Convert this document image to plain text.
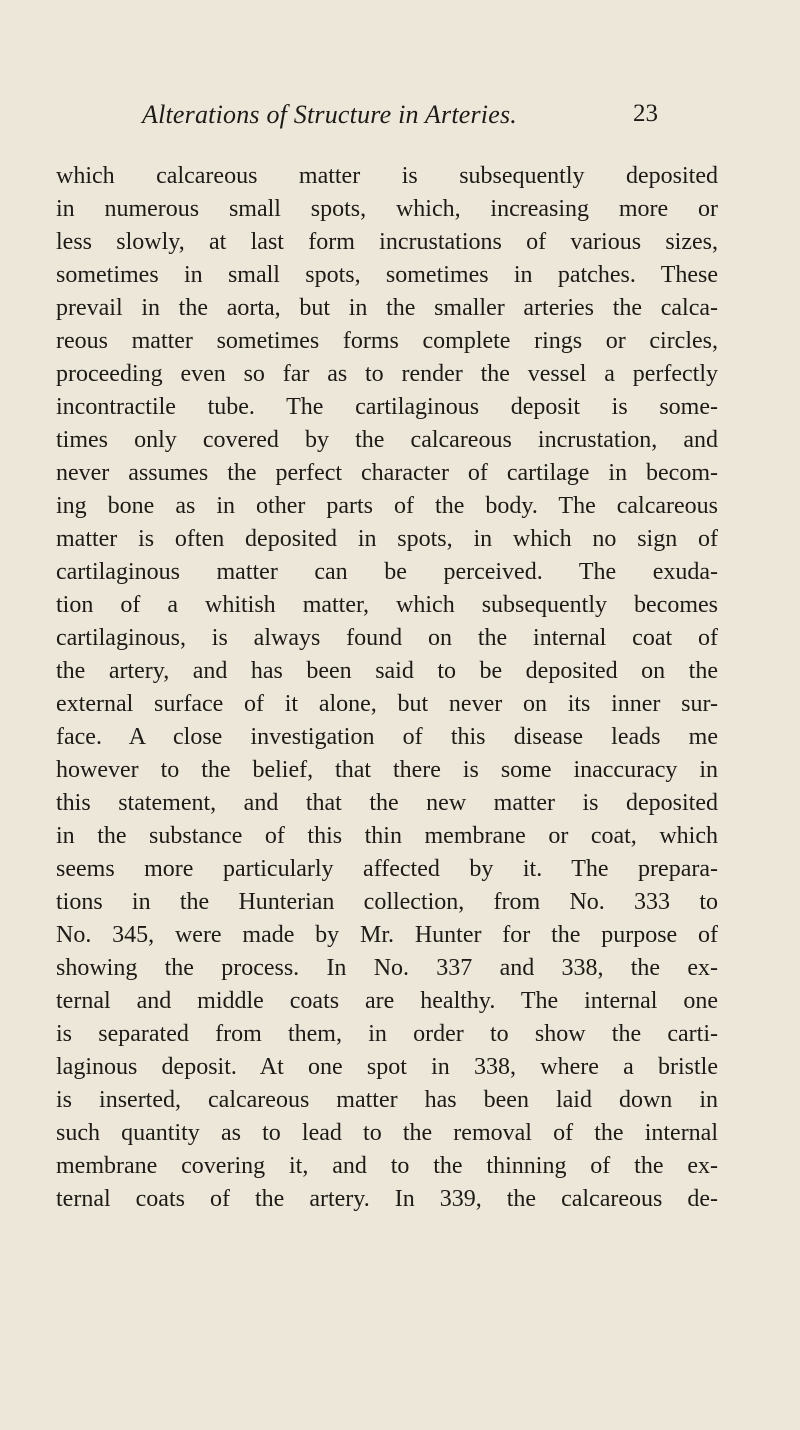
Alterations of Structure in Arteries.	23
which calcareous matter is subsequently deposited
in numerous small spots, which, increasing more or
less slowly, at last form incrustations of various sizes,
sometimes in small spots, sometimes in patches. These
prevail in the aorta, but in the smaller arteries the calca-
reous matter sometimes forms complete rings or circles,
proceeding even so far as to render the vessel a perfectly
incontractile tube. The cartilaginous deposit is some-
times only covered by the calcareous incrustation, and
never assumes the perfect character of cartilage in becom-
ing bone as in other parts of the body. The calcareous
matter is often deposited in spots, in which no sign of
cartilaginous matter can be perceived. The exuda-
tion of a whitish matter, which subsequently becomes
cartilaginous, is always found on the internal coat of
the artery, and has been said to be deposited on the
external surface of it alone, but never on its inner sur-
face. A close investigation of this disease leads me
however to the belief, that there is some inaccuracy in
this statement, and that the new matter is deposited
in the substance of this thin membrane or coat, which
seems more particularly affected by it. The prepara-
tions in the Hunterian collection, from No. 333 to
No. 345, were made by Mr. Hunter for the purpose of
showing the process. In No. 337 and 338, the ex-
ternal and middle coats are healthy. The internal one
is separated from them, in order to show the carti-
laginous deposit. At one spot in 338, where a bristle
is inserted, calcareous matter has been laid down in
such quantity as to lead to the removal of the internal
membrane covering it, and to the thinning of the ex-
ternal coats of the artery. In 339, the calcareous de-
